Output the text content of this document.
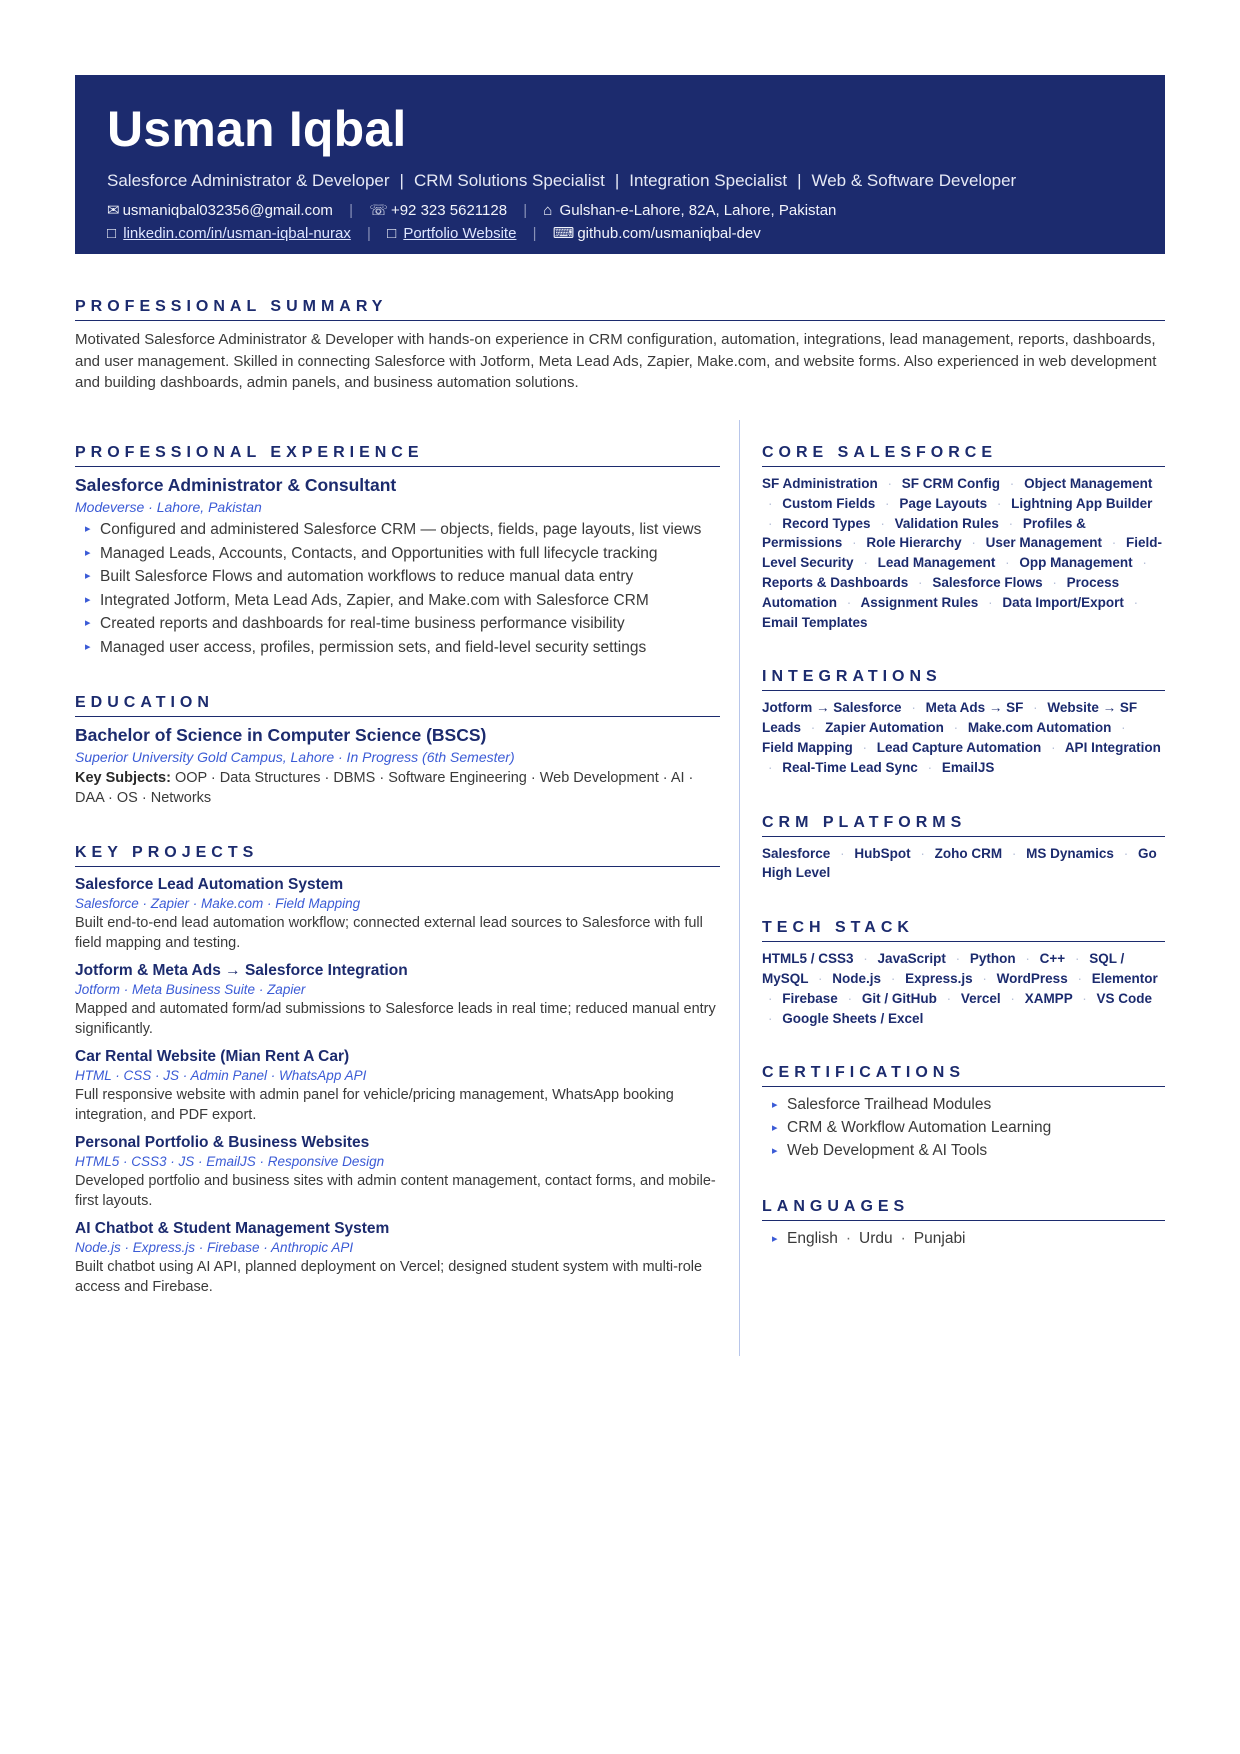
Usman Iqbal
Salesforce Administrator & Developer | CRM Solutions Specialist | Integration Specialist | Web & Software Developer
✉ usmaniqbal032356@gmail.com | ☏ +92 323 5621128 | ⌂ Gulshan-e-Lahore, 82A, Lahore, Pakistan
□ linkedin.com/in/usman-iqbal-nurax | □ Portfolio Website | ⌨ github.com/usmaniqbal-dev
PROFESSIONAL SUMMARY

Motivated Salesforce Administrator & Developer with hands-on experience in CRM configuration, automation, integrations, lead management, reports, dashboards, and user management. Skilled in connecting Salesforce with Jotform, Meta Lead Ads, Zapier, Make.com, and website forms. Also experienced in web development and building dashboards, admin panels, and business automation solutions.

PROFESSIONAL EXPERIENCE
Salesforce Administrator & Consultant
Modeverse · Lahore, Pakistan
▸ Configured and administered Salesforce CRM — objects, fields, page layouts, list views
▸ Managed Leads, Accounts, Contacts, and Opportunities with full lifecycle tracking
▸ Built Salesforce Flows and automation workflows to reduce manual data entry
▸ Integrated Jotform, Meta Lead Ads, Zapier, and Make.com with Salesforce CRM
▸ Created reports and dashboards for real-time business performance visibility
▸ Managed user access, profiles, permission sets, and field-level security settings
EDUCATION
Bachelor of Science in Computer Science (BSCS)
Superior University Gold Campus, Lahore · In Progress (6th Semester)
Key Subjects: OOP · Data Structures · DBMS · Software Engineering · Web Development · AI · DAA · OS · Networks
KEY PROJECTS
Salesforce Lead Automation System
Salesforce · Zapier · Make.com · Field Mapping
Built end-to-end lead automation workflow; connected external lead sources to Salesforce with full field mapping and testing.
Jotform & Meta Ads → Salesforce Integration
Jotform · Meta Business Suite · Zapier
Mapped and automated form/ad submissions to Salesforce leads in real time; reduced manual entry significantly.
Car Rental Website (Mian Rent A Car)
HTML · CSS · JS · Admin Panel · WhatsApp API
Full responsive website with admin panel for vehicle/pricing management, WhatsApp booking integration, and PDF export.
Personal Portfolio & Business Websites
HTML5 · CSS3 · JS · EmailJS · Responsive Design
Developed portfolio and business sites with admin content management, contact forms, and mobile-first layouts.
AI Chatbot & Student Management System
Node.js · Express.js · Firebase · Anthropic API
Built chatbot using AI API, planned deployment on Vercel; designed student system with multi-role access and Firebase.
CORE SALESFORCE
SF Administration · SF CRM Config · Object Management · Custom Fields · Page Layouts · Lightning App Builder · Record Types · Validation Rules · Profiles & Permissions · Role Hierarchy · User Management · Field-Level Security · Lead Management · Opp Management · Reports & Dashboards · Salesforce Flows · Process Automation · Assignment Rules · Data Import/Export · Email Templates
INTEGRATIONS
Jotform → Salesforce · Meta Ads → SF · Website → SF Leads · Zapier Automation · Make.com Automation · Field Mapping · Lead Capture Automation · API Integration · Real-Time Lead Sync · EmailJS
CRM PLATFORMS
Salesforce · HubSpot · Zoho CRM · MS Dynamics · Go High Level
TECH STACK
HTML5 / CSS3 · JavaScript · Python · C++ · SQL / MySQL · Node.js · Express.js · WordPress · Elementor · Firebase · Git / GitHub · Vercel · XAMPP · VS Code · Google Sheets / Excel
CERTIFICATIONS
▸ Salesforce Trailhead Modules
▸ CRM & Workflow Automation Learning
▸ Web Development & AI Tools
LANGUAGES
▸ English · Urdu · Punjabi
